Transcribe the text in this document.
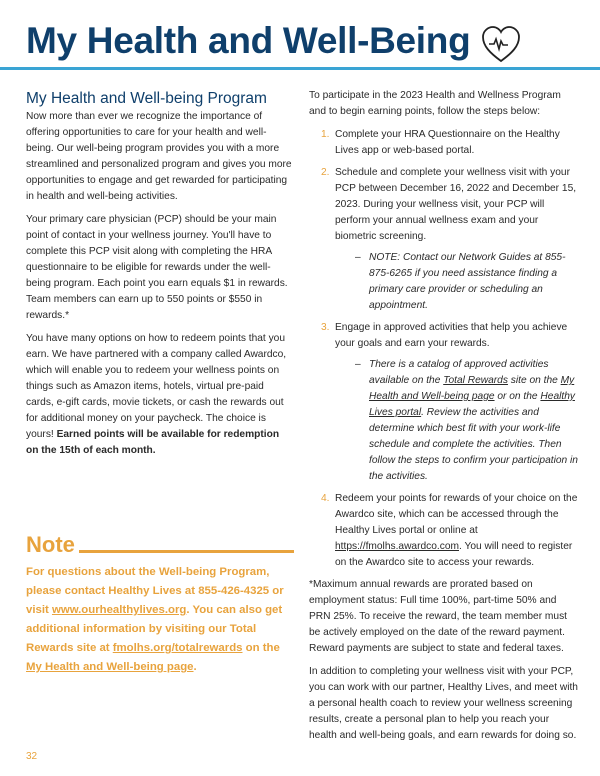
My Health and Well-Being
My Health and Well-being Program

Now more than ever we recognize the importance of offering opportunities to care for your health and well-being. Our well-being program provides you with a more streamlined and personalized program and gives you more opportunities to engage and get rewarded for participating in health and well-being activities.

Your primary care physician (PCP) should be your main point of contact in your wellness journey. You'll have to complete this PCP visit along with completing the HRA questionnaire to be eligible for rewards under the well-being program. Each point you earn equals $1 in rewards. Team members can earn up to 550 points or $550 in rewards.*

You have many options on how to redeem points that you earn. We have partnered with a company called Awardco, which will enable you to redeem your wellness points on things such as Amazon items, hotels, virtual pre-paid cards, e-gift cards, movie tickets, or cash the rewards out for additional money on your paycheck. The choice is yours! Earned points will be available for redemption on the 15th of each month.

Note
For questions about the Well-being Program, please contact Healthy Lives at 855-426-4325 or visit www.ourhealthylives.org. You can also get additional information by visiting our Total Rewards site at fmolhs.org/totalrewards on the My Health and Well-being page.

To participate in the 2023 Health and Wellness Program and to begin earning points, follow the steps below:

1. Complete your HRA Questionnaire on the Healthy Lives app or web-based portal.
2. Schedule and complete your wellness visit with your PCP between December 16, 2022 and December 15, 2023. During your wellness visit, your PCP will perform your annual wellness exam and your biometric screening.
– NOTE: Contact our Network Guides at 855-875-6265 if you need assistance finding a primary care provider or scheduling an appointment.
3. Engage in approved activities that help you achieve your goals and earn your rewards.
– There is a catalog of approved activities available on the Total Rewards site on the My Health and Well-being page or on the Healthy Lives portal. Review the activities and determine which best fit with your work-life schedule and complete the activities. Then follow the steps to confirm your participation in the activities.
4. Redeem your points for rewards of your choice on the Awardco site, which can be accessed through the Healthy Lives portal or online at https://fmolhs.awardco.com. You will need to register on the Awardco site to access your rewards.

*Maximum annual rewards are prorated based on employment status: Full time 100%, part-time 50% and PRN 25%. To receive the reward, the team member must be actively employed on the date of the reward payment. Reward payments are subject to state and federal taxes.

In addition to completing your wellness visit with your PCP, you can work with our partner, Healthy Lives, and meet with a personal health coach to review your wellness screening results, create a personal plan to help you reach your health and well-being goals, and earn rewards for doing so.

32
